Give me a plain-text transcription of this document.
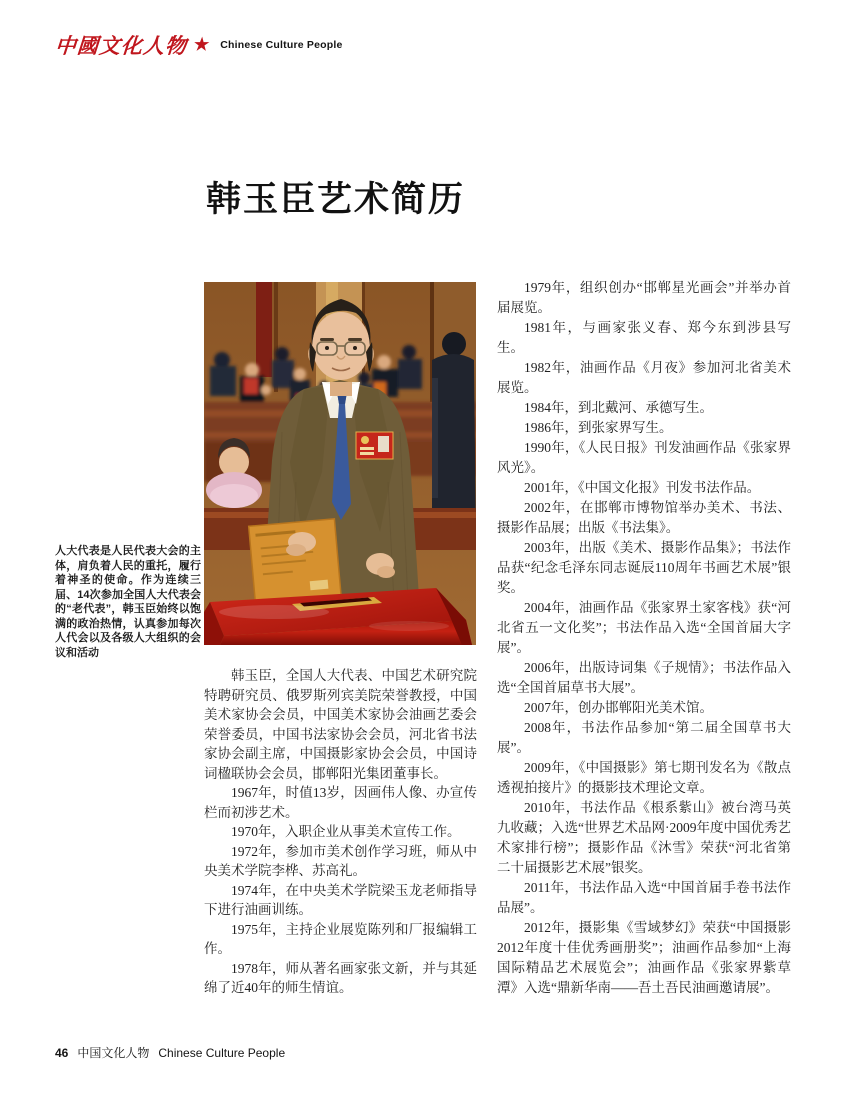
中國文化人物 ★ Chinese Culture People
韩玉臣艺术简历
人大代表是人民代表大会的主体，肩负着人民的重托，履行着神圣的使命。作为连续三届、14次参加全国人大代表会的“老代表”，韩玉臣始终以饱满的政治热情，认真参加每次人代会以及各级人大组织的会议和活动

韩玉臣，全国人大代表、中国艺术研究院特聘研究员、俄罗斯列宾美院荣誉教授，中国美术家协会会员，中国美术家协会油画艺委会荣誉委员，中国书法家协会会员，河北省书法家协会副主席，中国摄影家协会会员，中国诗词楹联协会会员，邯郸阳光集团董事长。

1967年，时值13岁，因画伟人像、办宣传栏而初涉艺术。

1970年，入职企业从事美术宣传工作。

1972年，参加市美术创作学习班，师从中央美术学院李桦、苏高礼。

1974年，在中央美术学院梁玉龙老师指导下进行油画训练。

1975年，主持企业展览陈列和厂报编辑工作。

1978年，师从著名画家张文新，并与其延绵了近40年的师生情谊。

1979年，组织创办“邯郸星光画会”并举办首届展览。

1981年，与画家张义春、郑今东到涉县写生。

1982年，油画作品《月夜》参加河北省美术展览。

1984年，到北戴河、承德写生。

1986年，到张家界写生。

1990年，《人民日报》刊发油画作品《张家界风光》。

2001年，《中国文化报》刊发书法作品。

2002年，在邯郸市博物馆举办美术、书法、摄影作品展；出版《书法集》。

2003年，出版《美术、摄影作品集》；书法作品获“纪念毛泽东同志诞辰110周年书画艺术展”银奖。

2004年，油画作品《张家界土家客栈》获“河北省五一文化奖”；书法作品入选“全国首届大字展”。

2006年，出版诗词集《子规情》；书法作品入选“全国首届草书大展”。

2007年，创办邯郸阳光美术馆。

2008年，书法作品参加“第二届全国草书大展”。

2009年，《中国摄影》第七期刊发名为《散点透视拍接片》的摄影技术理论文章。

2010年，书法作品《根系紫山》被台湾马英九收藏；入选“世界艺术品网·2009年度中国优秀艺术家排行榜”；摄影作品《沐雪》荣获“河北省第二十届摄影艺术展”银奖。

2011年，书法作品入选“中国首届手卷书法作品展”。

2012年，摄影集《雪域梦幻》荣获“中国摄影2012年度十佳优秀画册奖”；油画作品参加“上海国际精品艺术展览会”；油画作品《张家界紫草潭》入选“鼎新华南——吾土吾民油画邀请展”。

46 中国文化人物 Chinese Culture People
